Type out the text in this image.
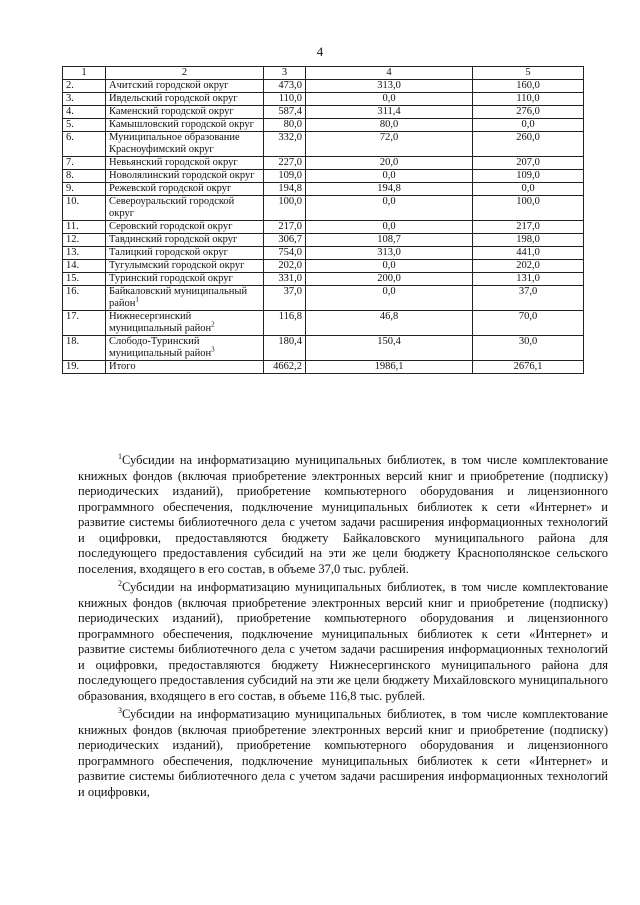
4
1	2	3	4	5
2.	Ачитский городской округ	473,0	313,0	160,0
3.	Ивдельский городской округ	110,0	0,0	110,0
4.	Каменский городской округ	587,4	311,4	276,0
5.	Камышловский городской округ	80,0	80,0	0,0
6.	Муниципальное образование Красноуфимский округ	332,0	72,0	260,0
7.	Невьянский городской округ	227,0	20,0	207,0
8.	Новолялинский городской округ	109,0	0,0	109,0
9.	Режевской городской округ	194,8	194,8	0,0
10.	Североуральский городской округ	100,0	0,0	100,0
11.	Серовский городской округ	217,0	0,0	217,0
12.	Тавдинский городской округ	306,7	108,7	198,0
13.	Талицкий городской округ	754,0	313,0	441,0
14.	Тугулымский городской округ	202,0	0,0	202,0
15.	Туринский городской округ	331,0	200,0	131,0
16.	Байкаловский муниципальный район$^1$	37,0	0,0	37,0
17.	Нижнесергинский муниципальный район$^2$	116,8	46,8	70,0
18.	Слободо-Туринский муниципальный район$^3$	180,4	150,4	30,0
19.	Итого	4662,2	1986,1	2676,1

$^1$Субсидии на информатизацию муниципальных библиотек, в том числе комплектование книжных фондов (включая приобретение электронных версий книг и приобретение (подписку) периодических изданий), приобретение компьютерного оборудования и лицензионного программного обеспечения, подключение муниципальных библиотек к сети «Интернет» и развитие системы библиотечного дела с учетом задачи расширения информационных технологий и оцифровки, предоставляются бюджету Байкаловского муниципального района для последующего предоставления субсидий на эти же цели бюджету Краснополянское сельского поселения, входящего в его состав, в объеме 37,0 тыс. рублей.

$^2$Субсидии на информатизацию муниципальных библиотек, в том числе комплектование книжных фондов (включая приобретение электронных версий книг и приобретение (подписку) периодических изданий), приобретение компьютерного оборудования и лицензионного программного обеспечения, подключение муниципальных библиотек к сети «Интернет» и развитие системы библиотечного дела с учетом задачи расширения информационных технологий и оцифровки, предоставляются бюджету Нижнесергинского муниципального района для последующего предоставления субсидий на эти же цели бюджету Михайловского муниципального образования, входящего в его состав, в объеме 116,8 тыс. рублей.

$^3$Субсидии на информатизацию муниципальных библиотек, в том числе комплектование книжных фондов (включая приобретение электронных версий книг и приобретение (подписку) периодических изданий), приобретение компьютерного оборудования и лицензионного программного обеспечения, подключение муниципальных библиотек к сети «Интернет» и развитие системы библиотечного дела с учетом задачи расширения информационных технологий и оцифровки,
